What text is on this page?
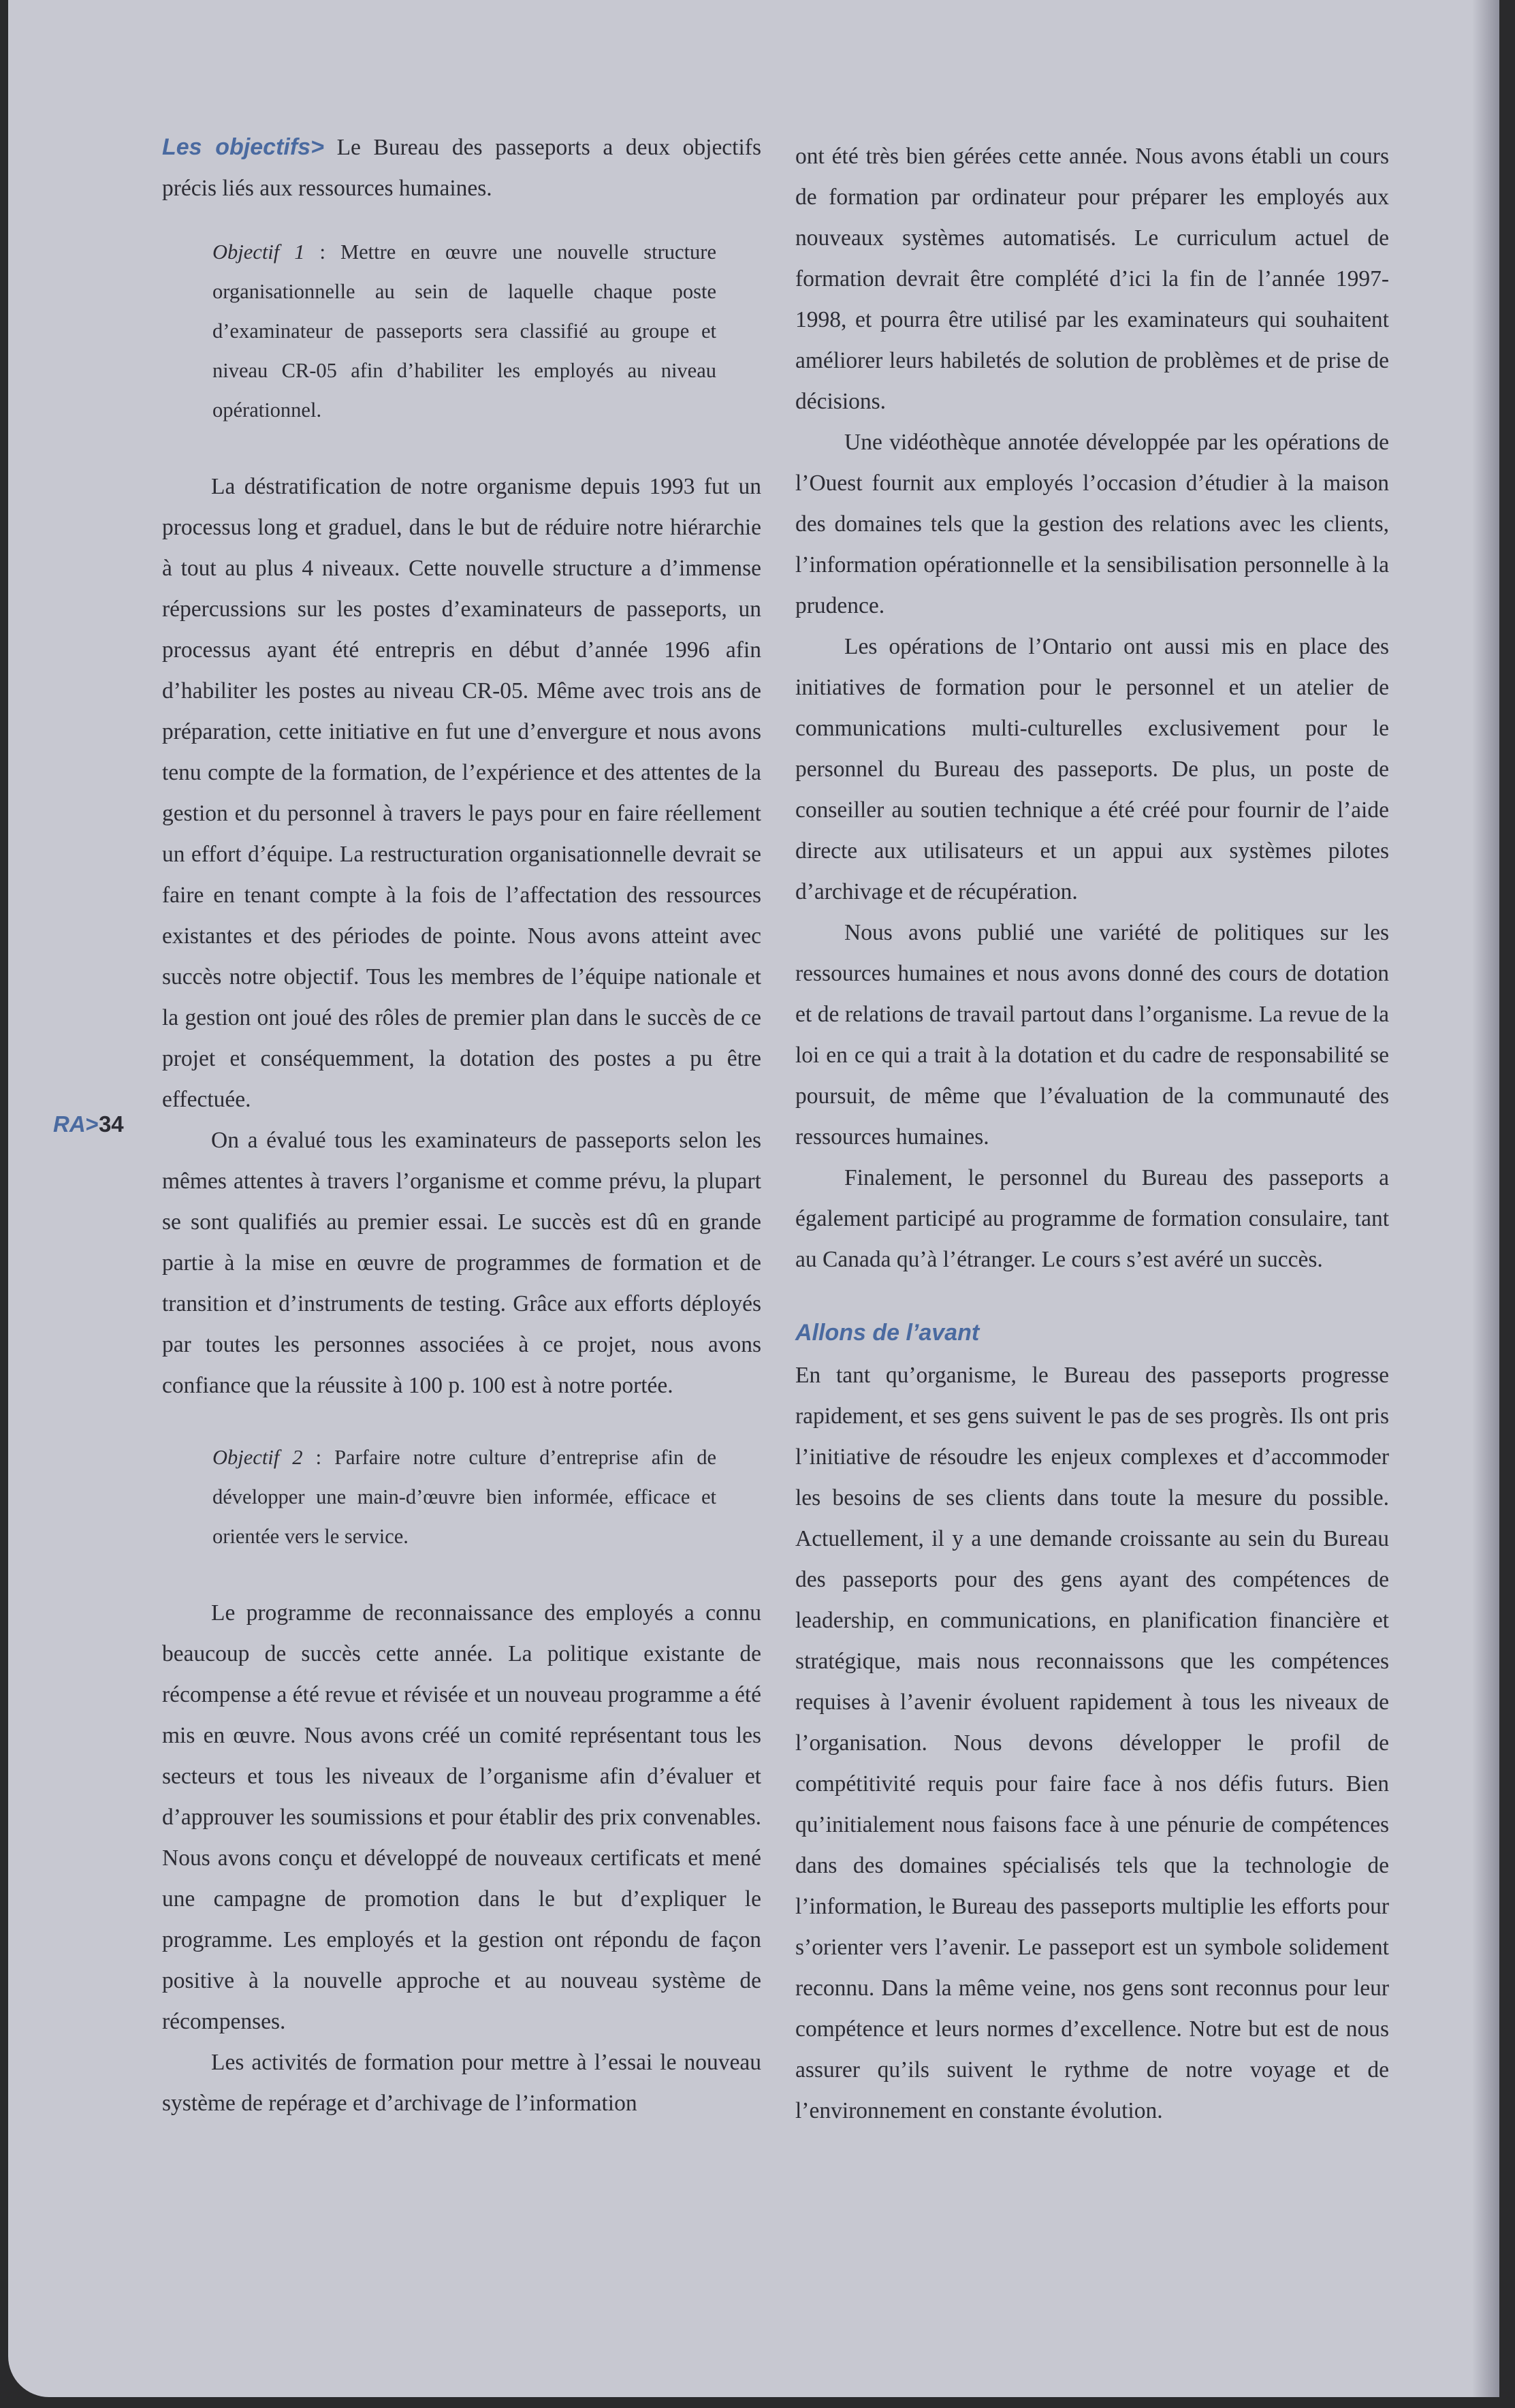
Les objectifs> Le Bureau des passeports a deux objectifs précis liés aux ressources humaines.

Objectif 1 : Mettre en œuvre une nouvelle structure organisationnelle au sein de laquelle chaque poste d’examinateur de passeports sera classifié au groupe et niveau CR-05 afin d’habiliter les employés au niveau opérationnel.

La déstratification de notre organisme depuis 1993 fut un processus long et graduel, dans le but de réduire notre hiérarchie à tout au plus 4 niveaux. Cette nouvelle structure a d’immense répercussions sur les postes d’examinateurs de passeports, un processus ayant été entrepris en début d’année 1996 afin d’habiliter les postes au niveau CR-05. Même avec trois ans de préparation, cette initiative en fut une d’envergure et nous avons tenu compte de la formation, de l’expérience et des attentes de la gestion et du personnel à travers le pays pour en faire réellement un effort d’équipe. La restructuration organisationnelle devrait se faire en tenant compte à la fois de l’affectation des ressources existantes et des périodes de pointe. Nous avons atteint avec succès notre objectif. Tous les membres de l’équipe nationale et la gestion ont joué des rôles de premier plan dans le succès de ce projet et conséquemment, la dotation des postes a pu être effectuée.

On a évalué tous les examinateurs de passeports selon les mêmes attentes à travers l’organisme et comme prévu, la plupart se sont qualifiés au premier essai. Le succès est dû en grande partie à la mise en œuvre de programmes de formation et de transition et d’instruments de testing. Grâce aux efforts déployés par toutes les personnes associées à ce projet, nous avons confiance que la réussite à 100 p. 100 est à notre portée.

Objectif 2 : Parfaire notre culture d’entreprise afin de développer une main-d’œuvre bien informée, efficace et orientée vers le service.

Le programme de reconnaissance des employés a connu beaucoup de succès cette année. La politique existante de récompense a été revue et révisée et un nouveau programme a été mis en œuvre. Nous avons créé un comité représentant tous les secteurs et tous les niveaux de l’organisme afin d’évaluer et d’approuver les soumissions et pour établir des prix convenables. Nous avons conçu et développé de nouveaux certificats et mené une campagne de promotion dans le but d’expliquer le programme. Les employés et la gestion ont répondu de façon positive à la nouvelle approche et au nouveau système de récompenses.

Les activités de formation pour mettre à l’essai le nouveau système de repérage et d’archivage de l’information

ont été très bien gérées cette année. Nous avons établi un cours de formation par ordinateur pour préparer les employés aux nouveaux systèmes automatisés. Le curriculum actuel de formation devrait être complété d’ici la fin de l’année 1997-1998, et pourra être utilisé par les examinateurs qui souhaitent améliorer leurs habiletés de solution de problèmes et de prise de décisions.

Une vidéothèque annotée développée par les opérations de l’Ouest fournit aux employés l’occasion d’étudier à la maison des domaines tels que la gestion des relations avec les clients, l’information opérationnelle et la sensibilisation personnelle à la prudence.

Les opérations de l’Ontario ont aussi mis en place des initiatives de formation pour le personnel et un atelier de communications multi-culturelles exclusivement pour le personnel du Bureau des passeports. De plus, un poste de conseiller au soutien technique a été créé pour fournir de l’aide directe aux utilisateurs et un appui aux systèmes pilotes d’archivage et de récupération.

Nous avons publié une variété de politiques sur les ressources humaines et nous avons donné des cours de dotation et de relations de travail partout dans l’organisme. La revue de la loi en ce qui a trait à la dotation et du cadre de responsabilité se poursuit, de même que l’évaluation de la communauté des ressources humaines.

Finalement, le personnel du Bureau des passeports a également participé au programme de formation consulaire, tant au Canada qu’à l’étranger. Le cours s’est avéré un succès.

Allons de l’avant

En tant qu’organisme, le Bureau des passeports progresse rapidement, et ses gens suivent le pas de ses progrès. Ils ont pris l’initiative de résoudre les enjeux complexes et d’accommoder les besoins de ses clients dans toute la mesure du possible. Actuellement, il y a une demande croissante au sein du Bureau des passeports pour des gens ayant des compétences de leadership, en communications, en planification financière et stratégique, mais nous reconnaissons que les compétences requises à l’avenir évoluent rapidement à tous les niveaux de l’organisation. Nous devons développer le profil de compétitivité requis pour faire face à nos défis futurs. Bien qu’initialement nous faisons face à une pénurie de compétences dans des domaines spécialisés tels que la technologie de l’information, le Bureau des passeports multiplie les efforts pour s’orienter vers l’avenir. Le passeport est un symbole solidement reconnu. Dans la même veine, nos gens sont reconnus pour leur compétence et leurs normes d’excellence. Notre but est de nous assurer qu’ils suivent le rythme de notre voyage et de l’environnement en constante évolution.

RA>34
